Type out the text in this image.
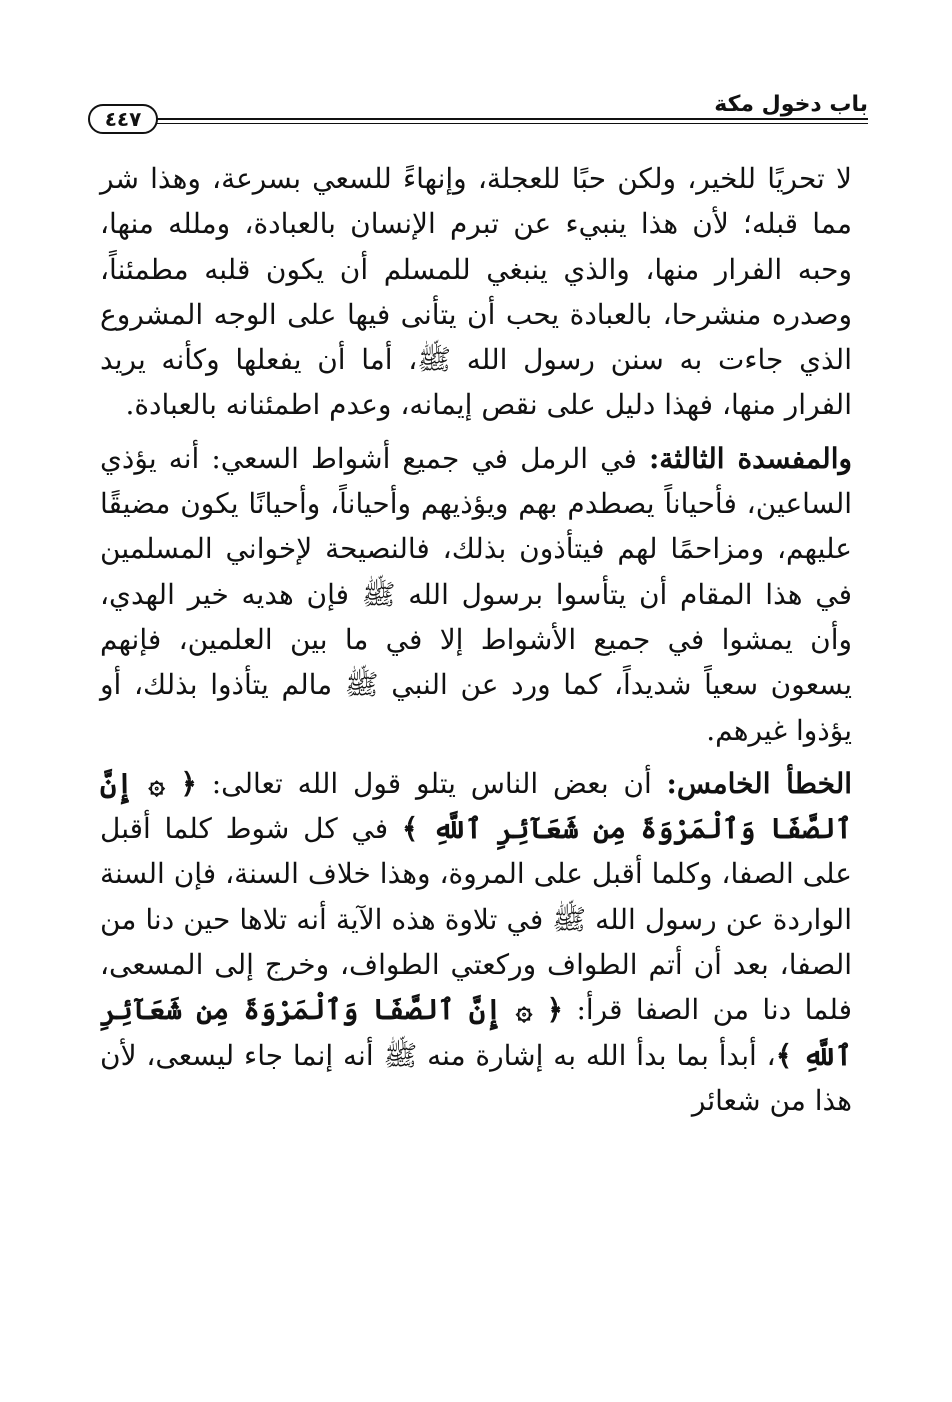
باب دخول مكة
٤٤٧

لا تحريًا للخير، ولكن حبًا للعجلة، وإنهاءً للسعي بسرعة، وهذا شر مما قبله؛ لأن هذا ينبيء عن تبرم الإنسان بالعبادة، وملله منها، وحبه الفرار منها، والذي ينبغي للمسلم أن يكون قلبه مطمئناً، وصدره منشرحا، بالعبادة يحب أن يتأنى فيها على الوجه المشروع الذي جاءت به سنن رسول الله ﷺ، أما أن يفعلها وكأنه يريد الفرار منها، فهذا دليل على نقص إيمانه، وعدم اطمئنانه بالعبادة.

والمفسدة الثالثة: في الرمل في جميع أشواط السعي: أنه يؤذي الساعين، فأحياناً يصطدم بهم ويؤذيهم وأحياناً، وأحيانًا يكون مضيقًا عليهم، ومزاحمًا لهم فيتأذون بذلك، فالنصيحة لإخواني المسلمين في هذا المقام أن يتأسوا برسول الله ﷺ فإن هديه خير الهدي، وأن يمشوا في جميع الأشواط إلا في ما بين العلمين، فإنهم يسعون سعياً شديداً، كما ورد عن النبي ﷺ مالم يتأذوا بذلك، أو يؤذوا غيرهم.

الخطأ الخامس: أن بعض الناس يتلو قول الله تعالى: ﴿ ۞ إِنَّ ٱلصَّفَا وَٱلْمَرْوَةَ مِن شَعَآئِرِ ٱللَّهِ ﴾ في كل شوط كلما أقبل على الصفا، وكلما أقبل على المروة، وهذا خلاف السنة، فإن السنة الواردة عن رسول الله ﷺ في تلاوة هذه الآية أنه تلاها حين دنا من الصفا، بعد أن أتم الطواف وركعتي الطواف، وخرج إلى المسعى، فلما دنا من الصفا قرأ: ﴿ ۞ إِنَّ ٱلصَّفَا وَٱلْمَرْوَةَ مِن شَعَآئِرِ ٱللَّهِ ﴾، أبدأ بما بدأ الله به إشارة منه ﷺ أنه إنما جاء ليسعى، لأن هذا من شعائر
